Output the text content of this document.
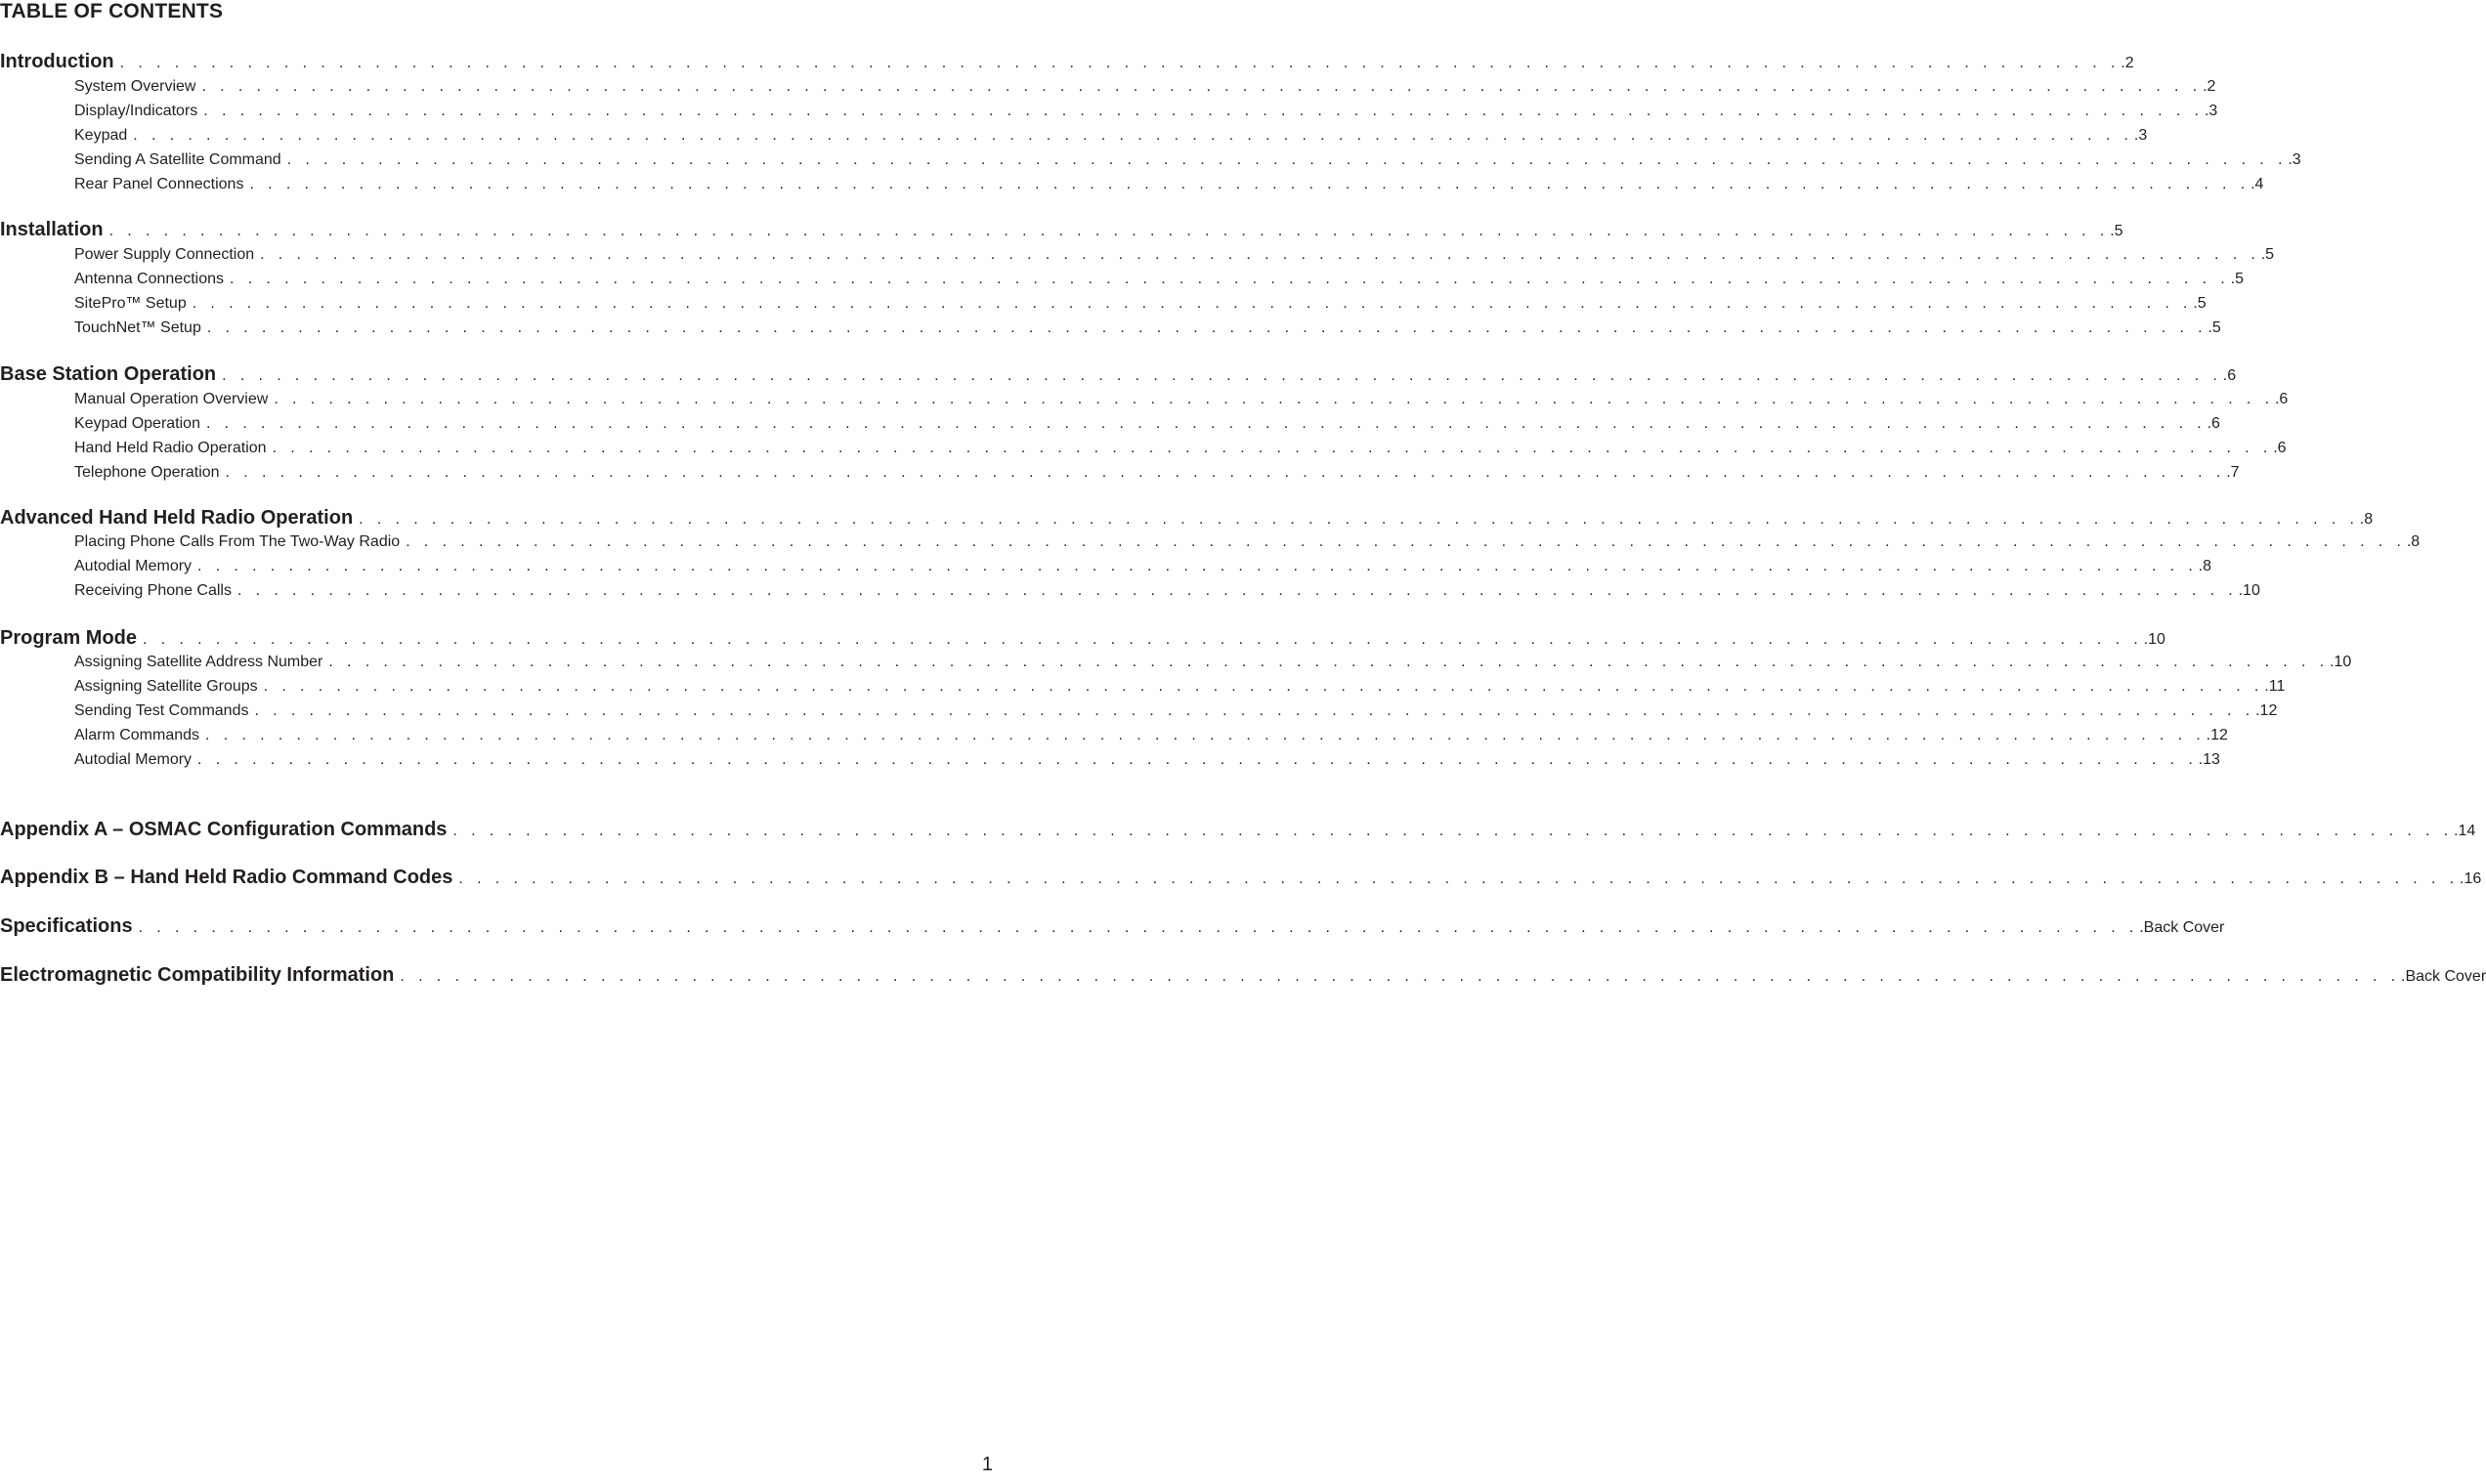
TABLE OF CONTENTS
Introduction . . . . . . . . . . . . . . . . . . . . . . . . . . . . . . . . . . . . . . . . . . . . . . . . . . . . . . . . . . . . . . . . . . . . . . . . . . . . . . . . . . . . . . . . . . . . . . . . . . . . . . . . . . . . . . .2
System Overview . . . . . . . . . . . . . . . . . . . . . . . . . . . . . . . . . . . . . . . . . . . . . . . . . . . . . . . . . . . . . . . . . . . . . . . . . . . . . . . . . . . . . . . . . . . . . . . . . . . . . . . . . . . . . . .2
Display/Indicators . . . . . . . . . . . . . . . . . . . . . . . . . . . . . . . . . . . . . . . . . . . . . . . . . . . . . . . . . . . . . . . . . . . . . . . . . . . . . . . . . . . . . . . . . . . . . . . . . . . . . . . . . . . . . . .3
Keypad . . . . . . . . . . . . . . . . . . . . . . . . . . . . . . . . . . . . . . . . . . . . . . . . . . . . . . . . . . . . . . . . . . . . . . . . . . . . . . . . . . . . . . . . . . . . . . . . . . . . . . . . . . . . . . .3
Sending A Satellite Command . . . . . . . . . . . . . . . . . . . . . . . . . . . . . . . . . . . . . . . . . . . . . . . . . . . . . . . . . . . . . . . . . . . . . . . . . . . . . . . . . . . . . . . . . . . . . . . . . . . . . . . . . . . . . . .3
Rear Panel Connections . . . . . . . . . . . . . . . . . . . . . . . . . . . . . . . . . . . . . . . . . . . . . . . . . . . . . . . . . . . . . . . . . . . . . . . . . . . . . . . . . . . . . . . . . . . . . . . . . . . . . . . . . . . . . . .4
Installation . . . . . . . . . . . . . . . . . . . . . . . . . . . . . . . . . . . . . . . . . . . . . . . . . . . . . . . . . . . . . . . . . . . . . . . . . . . . . . . . . . . . . . . . . . . . . . . . . . . . . . . . . . . . . . .5
Power Supply Connection . . . . . . . . . . . . . . . . . . . . . . . . . . . . . . . . . . . . . . . . . . . . . . . . . . . . . . . . . . . . . . . . . . . . . . . . . . . . . . . . . . . . . . . . . . . . . . . . . . . . . . . . . . . . . . .5
Antenna Connections . . . . . . . . . . . . . . . . . . . . . . . . . . . . . . . . . . . . . . . . . . . . . . . . . . . . . . . . . . . . . . . . . . . . . . . . . . . . . . . . . . . . . . . . . . . . . . . . . . . . . . . . . . . . . . .5
SitePro™ Setup . . . . . . . . . . . . . . . . . . . . . . . . . . . . . . . . . . . . . . . . . . . . . . . . . . . . . . . . . . . . . . . . . . . . . . . . . . . . . . . . . . . . . . . . . . . . . . . . . . . . . . . . . . . . . . .5
TouchNet™ Setup . . . . . . . . . . . . . . . . . . . . . . . . . . . . . . . . . . . . . . . . . . . . . . . . . . . . . . . . . . . . . . . . . . . . . . . . . . . . . . . . . . . . . . . . . . . . . . . . . . . . . . . . . . . . . . .5
Base Station Operation . . . . . . . . . . . . . . . . . . . . . . . . . . . . . . . . . . . . . . . . . . . . . . . . . . . . . . . . . . . . . . . . . . . . . . . . . . . . . . . . . . . . . . . . . . . . . . . . . . . . . . . . . . . . . . .6
Manual Operation Overview . . . . . . . . . . . . . . . . . . . . . . . . . . . . . . . . . . . . . . . . . . . . . . . . . . . . . . . . . . . . . . . . . . . . . . . . . . . . . . . . . . . . . . . . . . . . . . . . . . . . . . . . . . . . . . .6
Keypad Operation . . . . . . . . . . . . . . . . . . . . . . . . . . . . . . . . . . . . . . . . . . . . . . . . . . . . . . . . . . . . . . . . . . . . . . . . . . . . . . . . . . . . . . . . . . . . . . . . . . . . . . . . . . . . . . .6
Hand Held Radio Operation . . . . . . . . . . . . . . . . . . . . . . . . . . . . . . . . . . . . . . . . . . . . . . . . . . . . . . . . . . . . . . . . . . . . . . . . . . . . . . . . . . . . . . . . . . . . . . . . . . . . . . . . . . . . . . .6
Telephone Operation . . . . . . . . . . . . . . . . . . . . . . . . . . . . . . . . . . . . . . . . . . . . . . . . . . . . . . . . . . . . . . . . . . . . . . . . . . . . . . . . . . . . . . . . . . . . . . . . . . . . . . . . . . . . . . .7
Advanced Hand Held Radio Operation . . . . . . . . . . . . . . . . . . . . . . . . . . . . . . . . . . . . . . . . . . . . . . . . . . . . . . . . . . . . . . . . . . . . . . . . . . . . . . . . . . . . . . . . . . . . . . . . . . . . . . . . . . . . . . .8
Placing Phone Calls From The Two-Way Radio . . . . . . . . . . . . . . . . . . . . . . . . . . . . . . . . . . . . . . . . . . . . . . . . . . . . . . . . . . . . . . . . . . . . . . . . . . . . . . . . . . . . . . . . . . . . . . . . . . . . . . . . . . . . . . .8
Autodial Memory . . . . . . . . . . . . . . . . . . . . . . . . . . . . . . . . . . . . . . . . . . . . . . . . . . . . . . . . . . . . . . . . . . . . . . . . . . . . . . . . . . . . . . . . . . . . . . . . . . . . . . . . . . . . . . .8
Receiving Phone Calls . . . . . . . . . . . . . . . . . . . . . . . . . . . . . . . . . . . . . . . . . . . . . . . . . . . . . . . . . . . . . . . . . . . . . . . . . . . . . . . . . . . . . . . . . . . . . . . . . . . . . . . . . . . . . . .10
Program Mode . . . . . . . . . . . . . . . . . . . . . . . . . . . . . . . . . . . . . . . . . . . . . . . . . . . . . . . . . . . . . . . . . . . . . . . . . . . . . . . . . . . . . . . . . . . . . . . . . . . . . . . . . . . . . . .10
Assigning Satellite Address Number . . . . . . . . . . . . . . . . . . . . . . . . . . . . . . . . . . . . . . . . . . . . . . . . . . . . . . . . . . . . . . . . . . . . . . . . . . . . . . . . . . . . . . . . . . . . . . . . . . . . . . . . . . . . . . .10
Assigning Satellite Groups . . . . . . . . . . . . . . . . . . . . . . . . . . . . . . . . . . . . . . . . . . . . . . . . . . . . . . . . . . . . . . . . . . . . . . . . . . . . . . . . . . . . . . . . . . . . . . . . . . . . . . . . . . . . . . .11
Sending Test Commands . . . . . . . . . . . . . . . . . . . . . . . . . . . . . . . . . . . . . . . . . . . . . . . . . . . . . . . . . . . . . . . . . . . . . . . . . . . . . . . . . . . . . . . . . . . . . . . . . . . . . . . . . . . . . . .12
Alarm Commands . . . . . . . . . . . . . . . . . . . . . . . . . . . . . . . . . . . . . . . . . . . . . . . . . . . . . . . . . . . . . . . . . . . . . . . . . . . . . . . . . . . . . . . . . . . . . . . . . . . . . . . . . . . . . . .12
Autodial Memory . . . . . . . . . . . . . . . . . . . . . . . . . . . . . . . . . . . . . . . . . . . . . . . . . . . . . . . . . . . . . . . . . . . . . . . . . . . . . . . . . . . . . . . . . . . . . . . . . . . . . . . . . . . . . . .13
Appendix A – OSMAC Configuration Commands . . . . . . . . . . . . . . . . . . . . . . . . . . . . . . . . . . . . . . . . . . . . . . . . . . . . . . . . . . . . . . . . . . . . . . . . . . . . . . . . . . . . . . . . . . . . . . . . . . . . . . . . . . . . . . .14
Appendix B – Hand Held Radio Command Codes . . . . . . . . . . . . . . . . . . . . . . . . . . . . . . . . . . . . . . . . . . . . . . . . . . . . . . . . . . . . . . . . . . . . . . . . . . . . . . . . . . . . . . . . . . . . . . . . . . . . . . . . . . . . . . .16
Specifications . . . . . . . . . . . . . . . . . . . . . . . . . . . . . . . . . . . . . . . . . . . . . . . . . . . . . . . . . . . . . . . . . . . . . . . . . . . . . . . . . . . . . . . . . . . . . . . . . . . . . . . . . . . . . . .Back Cover
Electromagnetic Compatibility Information . . . . . . . . . . . . . . . . . . . . . . . . . . . . . . . . . . . . . . . . . . . . . . . . . . . . . . . . . . . . . . . . . . . . . . . . . . . . . . . . . . . . . . . . . . . . . . . . . . . . . . . . . . . . . . .Back Cover
1
